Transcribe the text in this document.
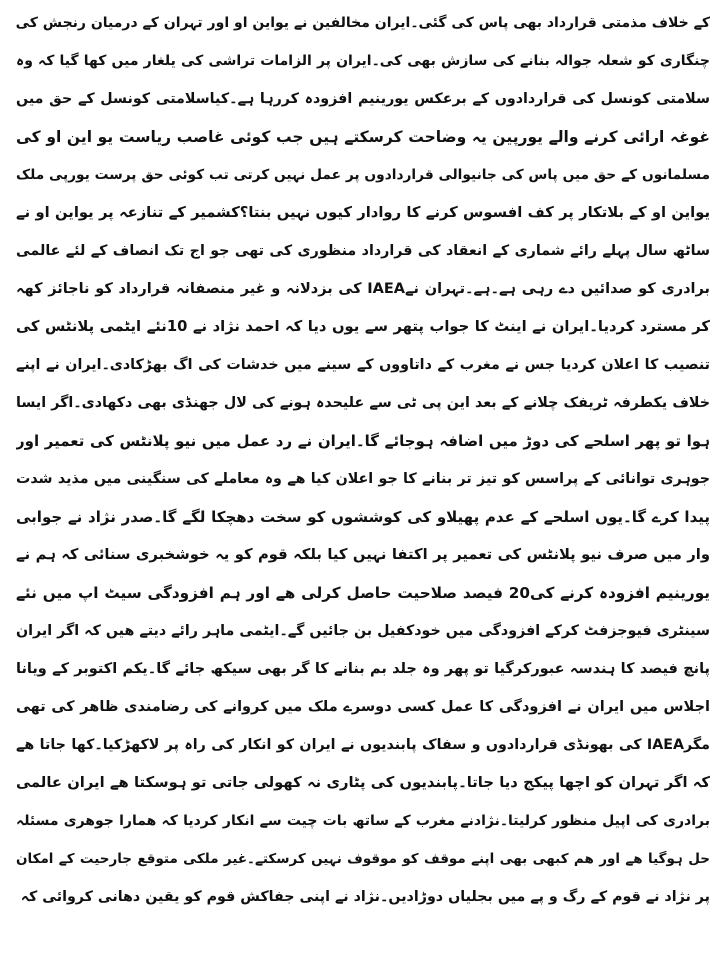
کے خلاف مذمتی قرارداد بھی پاس کی گئی۔ایران مخالفین نے یواین او اور تہران کے درمیان رنجش کی
چنگاری کو شعلہ جوالہ بنانے کی سازش بھی کی۔ایران پر الزامات تراشی کی یلغار میں کھا گیا کہ وہ
سلامتی کونسل کی قراردادوں کے برعکس یورینیم افزودہ کررہا ہے۔کیاسلامتی کونسل کے حق میں
غوغہ ارائی کرنے والے یورپین یہ وضاحت کرسکتے ہیں جب کوئی غاصب ریاست یو این او کی
مسلمانوں کے حق میں پاس کی جانیوالی قراردادوں پر عمل نہیں کرتی تب کوئی حق پرست یورپی ملک
یواین او کے بلاتکار پر کف افسوس کرنے کا روادار کیوں نہیں بنتا؟کشمیر کے تنازعہ پر یواین او نے
ساٹھ سال پہلے رائے شماری کے انعقاد کی قرارداد منظوری کی تھی جو اج تک انصاف کے لئے عالمی
برادری کو صدائیں دے رہی ہے۔ہے۔تہران نےIAEA کی بزدلانہ و غیر منصفانہ قرارداد کو ناجائز کھہ
کر مسترد کردیا۔ایران نے اینٹ کا جواب پتھر سے یوں دیا کہ احمد نژاد نے 10نئے ایٹمی پلانٹس کی
تنصیب کا اعلان کردیا جس نے مغرب کے داتاووں کے سینے میں خدشات کی اگ بھڑکادی۔ایران نے اپنے
خلاف یکطرفہ ٹریفک چلانے کے بعد این پی ٹی سے علیحدہ ہونے کی لال جھنڈی بھی دکھادی۔اگر ایسا
ہوا تو پھر اسلحے کی دوڑ میں اضافہ ہوجائے گا۔ایران نے رد عمل میں نیو پلانٹس کی تعمیر اور
جوہری توانائی کے پراسس کو تیز تر بنانے کا جو اعلان کیا ھے وہ معاملے کی سنگینی میں مذید شدت
پیدا کرے گا۔یوں اسلحے کے عدم پھیلاو کی کوششوں کو سخت دھچکا لگے گا۔صدر نژاد نے جوابی
وار میں صرف نیو پلانٹس کی تعمیر پر اکتفا نہیں کیا بلکہ قوم کو یہ خوشخبری سنائی کہ ہم نے
یورینیم افزودہ کرنے کی20 فیصد صلاحیت حاصل کرلی ھے اور ہم افزودگی سیٹ اپ میں نئے
سینٹری فیوجزفٹ کرکے افزودگی میں خودکفیل بن جائیں گے۔ایٹمی ماہر رائے دیتے ھیں کہ اگر ایران
پانچ فیصد کا ہندسہ عبورکرگیا تو پھر وہ جلد بم بنانے کا گر بھی سیکھ جائے گا۔یکم اکتوبر کے ویانا
اجلاس میں ایران نے افزودگی کا عمل کسی دوسرے ملک میں کروانے کی رضامندی ظاھر کی تھی
مگرIAEA کی بھونڈی قراردادوں و سفاک پابندیوں نے ایران کو انکار کی راہ پر لاکھڑکیا۔کھا جاتا ھے
کہ اگر تہران کو اچھا پیکج دیا جاتا۔پابندیوں کی پٹاری نہ کھولی جاتی تو ہوسکتا ھے ایران عالمی
برادری کی اپیل منظور کرلیتا۔نژادنے مغرب کے ساتھ بات چیت سے انکار کردیا کہ ھمارا جوھری مسئلہ
حل ہوگیا ھے اور ھم کبھی بھی اپنے موقف کو موقوف نہیں کرسکتے۔غیر ملکی متوقع جارحیت کے امکان
پر نژاد نے قوم کے رگ و پے میں بجلیاں دوڑادیں۔نژاد نے اپنی جفاکش قوم کو یقین دھانی کروائی کہ
